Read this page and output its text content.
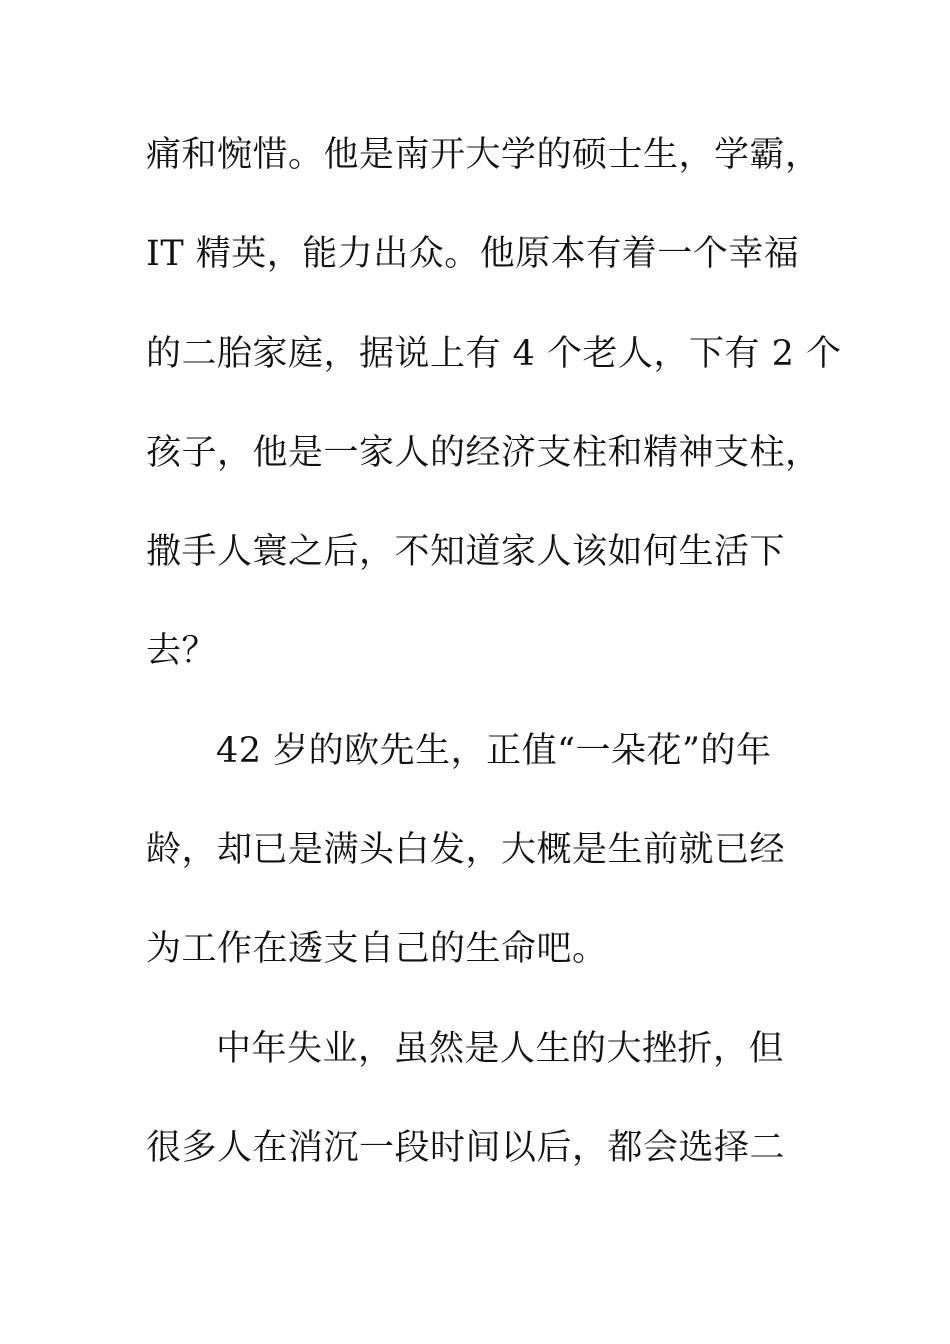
痛和惋惜。他是南开大学的硕士生，学霸，
IT 精英，能力出众。他原本有着一个幸福
的二胎家庭，据说上有 4 个老人，下有 2 个
孩子，他是一家人的经济支柱和精神支柱，
撒手人寰之后，不知道家人该如何生活下
去？
42 岁的欧先生，正值“一朵花”的年
龄，却已是满头白发，大概是生前就已经
为工作在透支自己的生命吧。
中年失业，虽然是人生的大挫折，但
很多人在消沉一段时间以后，都会选择二
